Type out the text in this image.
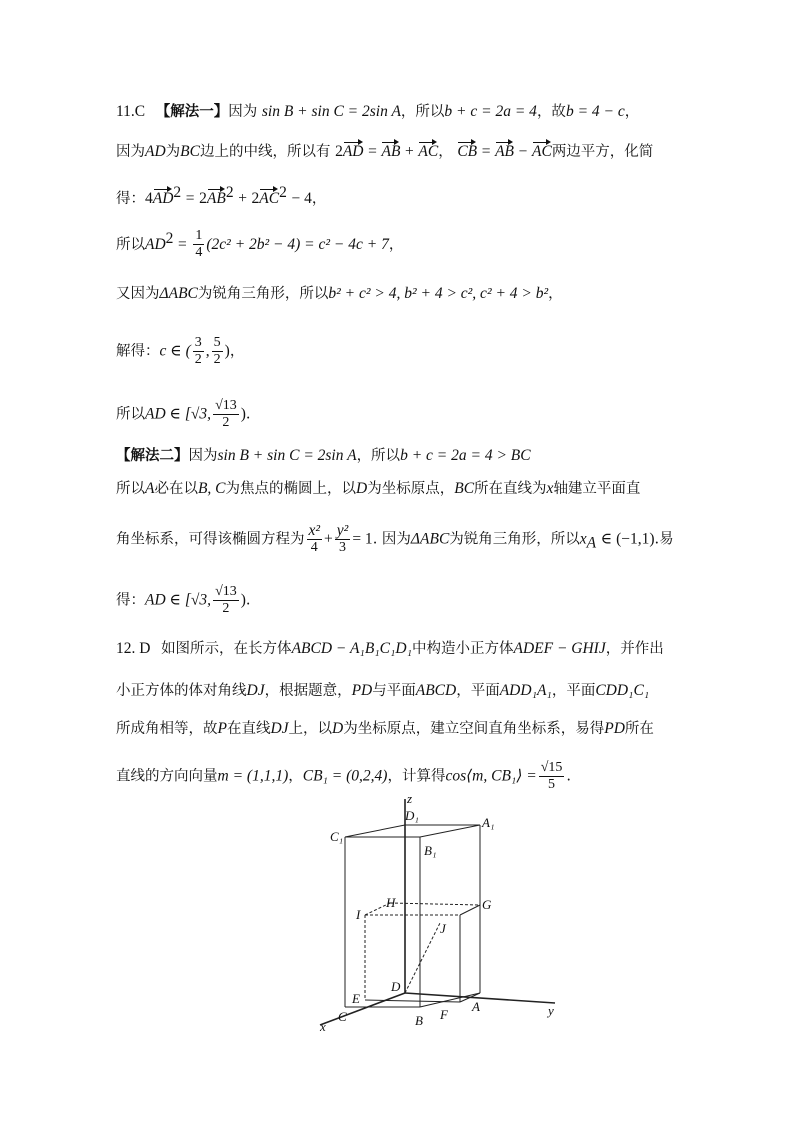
11.C 【解法一】因为 sin B + sin C = 2sin A，所以b + c = 2a = 4，故b = 4 − c，
因为AD为BC边上的中线，所以有 2AD = AB + AC， CB = AB − AC两边平方，化简
得：$4AD^2 = 2AB^2 + 2AC^2 - 4$，
所以$AD^2 = \frac{1}{4} (2c^2 + 2b^2 - 4) = c^2 - 4c + 7$，
又因为ΔABC为锐角三角形，所以b² + c² > 4, b² + 4 > c², c² + 4 > b²，
解得：c ∈ ( $\frac{3}{2}$ , $\frac{5}{2}$ )，
所以AD ∈ [√3, $\frac{√13}{2}$ ).
【解法二】因为sin B + sin C = 2sin A，所以b + c = 2a = 4 > BC
所以A必在以B, C为焦点的椭圆上，以D为坐标原点，BC所在直线为x轴建立平面直
角坐标系，可得该椭圆方程为 $\frac{\text{x²}}{4} + \frac{\text{y²}}{3} = 1$. 因为ΔABC为锐角三角形，所以$x_A$ ∈ (−1,1).易
得：AD ∈ [√3, $\frac{√13}{2}$ ).
12. D 如图所示，在长方体ABCD − A₁B₁C₁D₁中构造小正方体ADEF − GHIJ，并作出
小正方体的体对角线DJ，根据题意，PD与平面ABCD，平面ADD₁A₁，平面CDD₁C₁
所成角相等，故P在直线DJ上，以D为坐标原点，建立空间直角坐标系，易得PD所在
直线的方向向量m = (1,1,1)，CB₁ = (0,2,4)，计算得cos⟨m, CB₁⟩ = $\frac{√15}{5}$ .
z
y
x
D₁	A₁
C₁
B₁
H	G
I
J
D
E
C	B F
A
